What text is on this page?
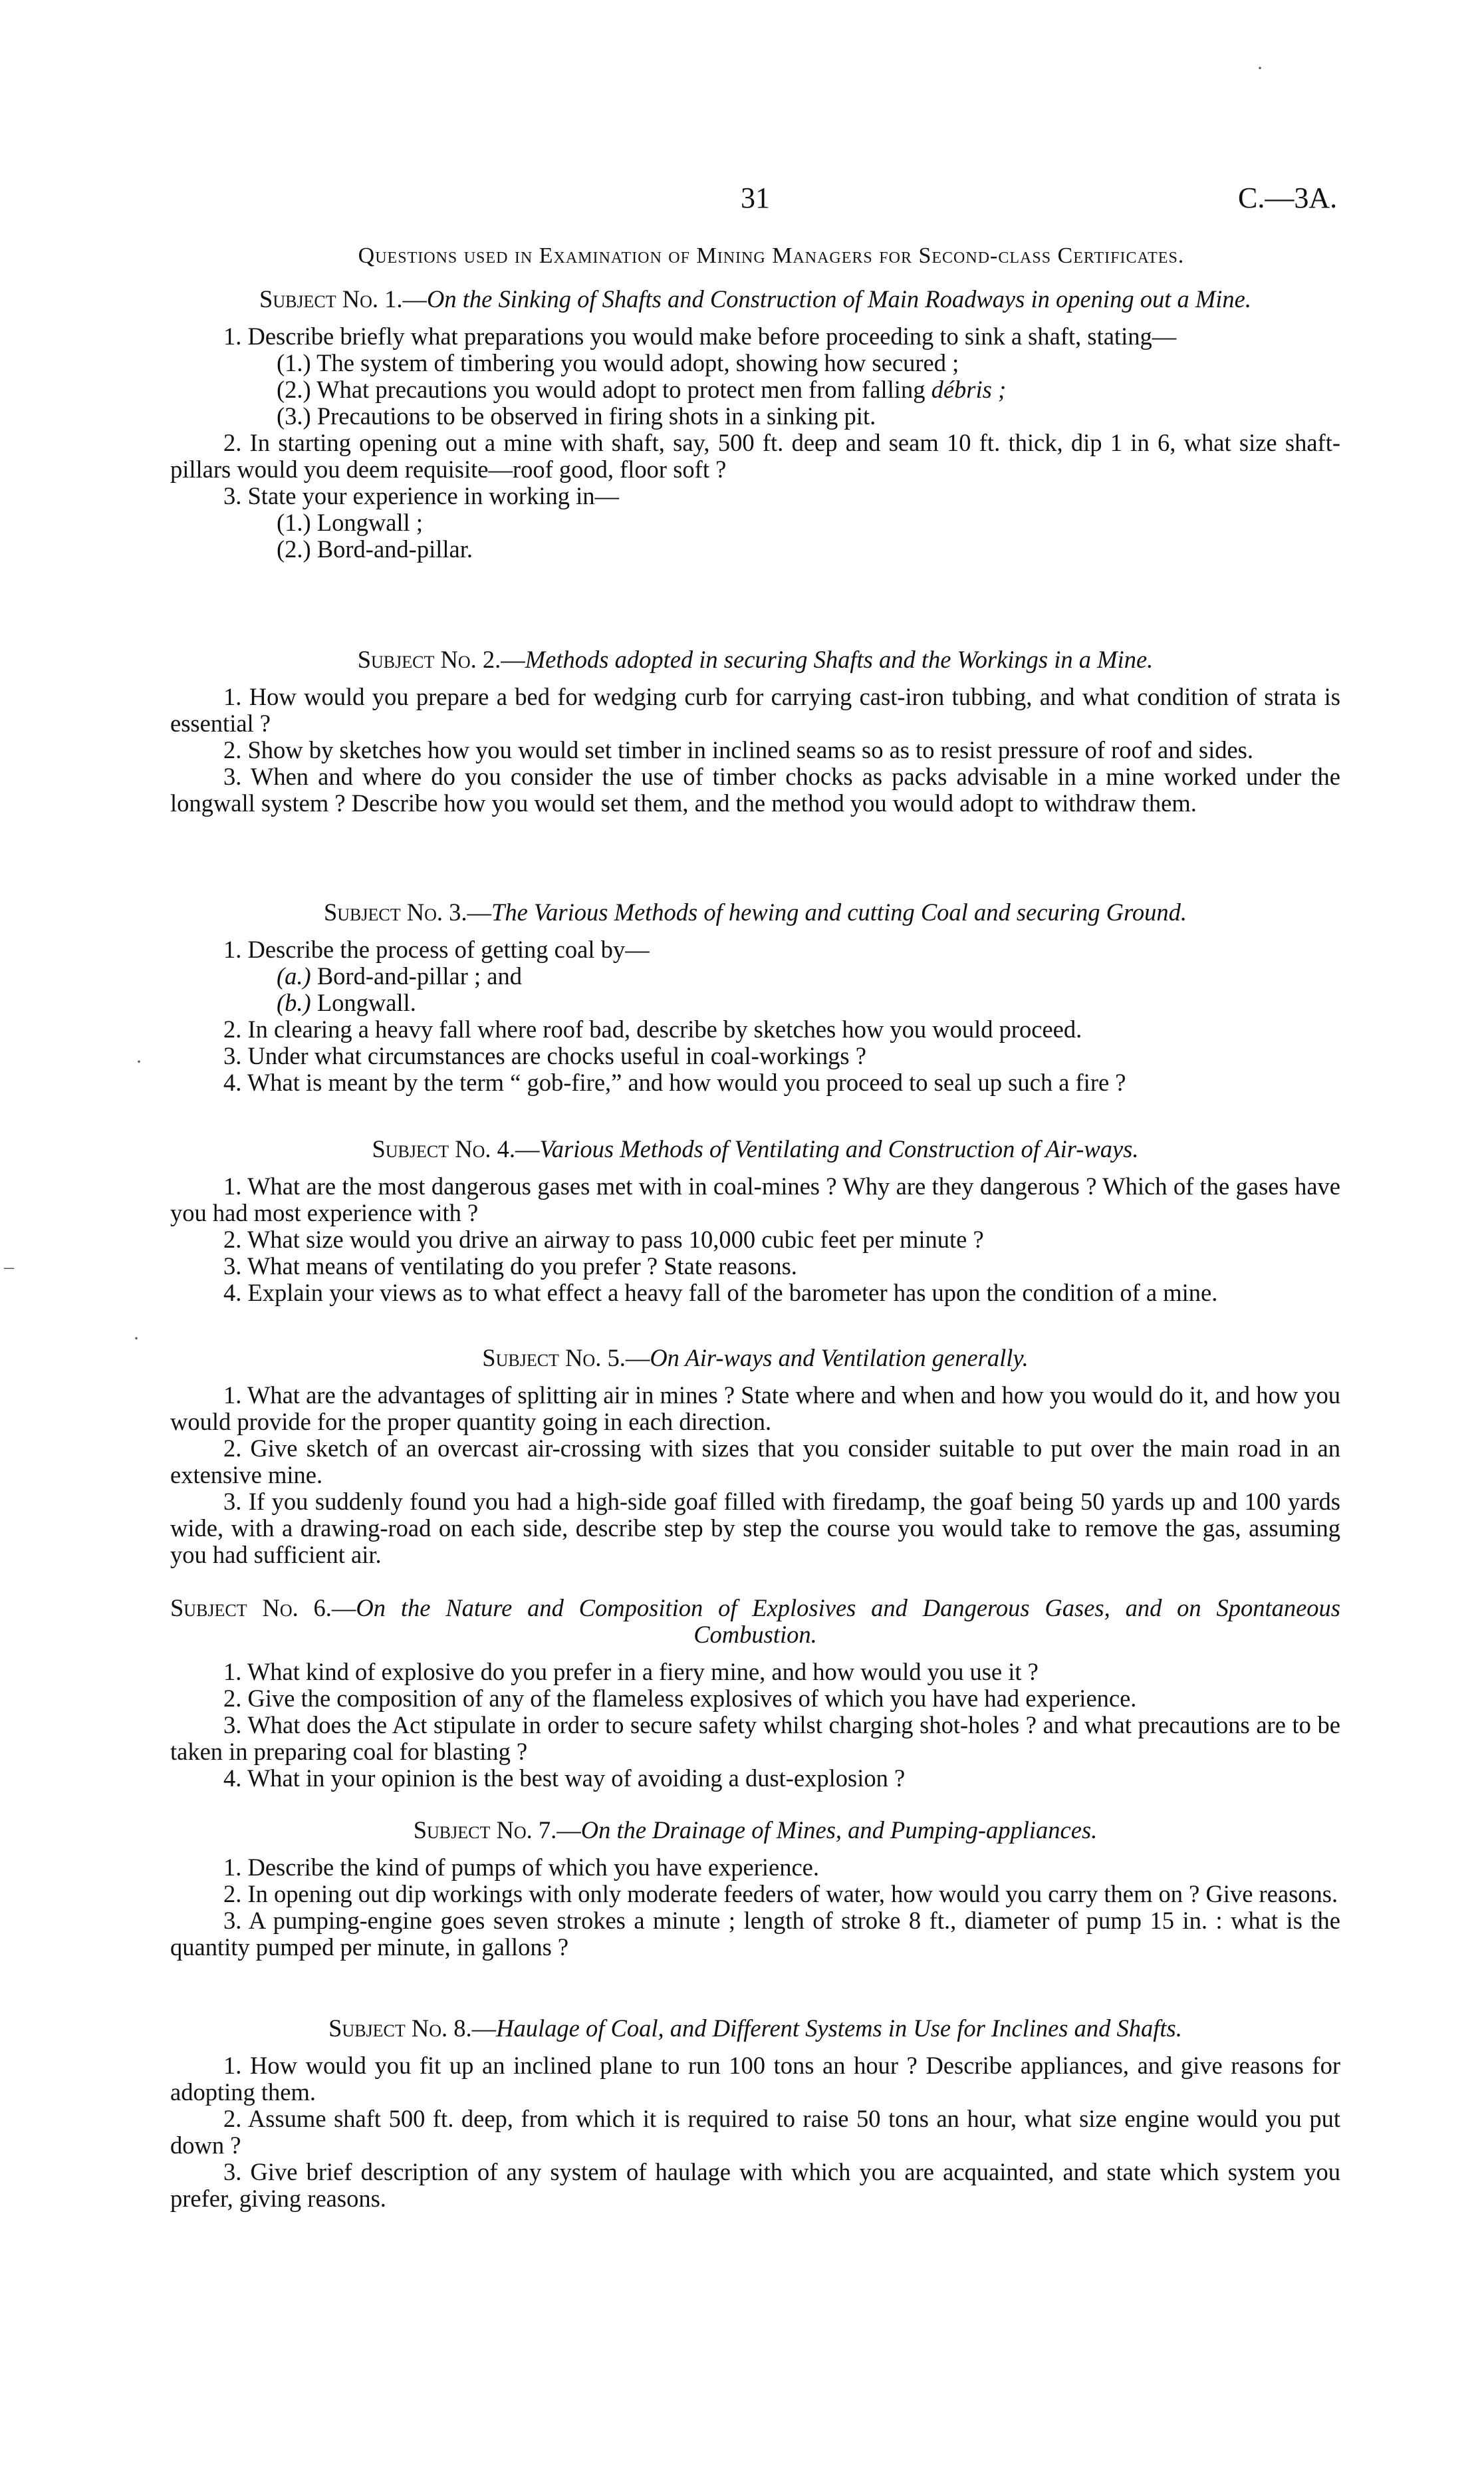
31	C.—3A.
Questions used in Examination of Mining Managers for Second-class Certificates.

Subject No. 1.—On the Sinking of Shafts and Construction of Main Roadways in opening out a Mine.

1. Describe briefly what preparations you would make before proceeding to sink a shaft, stating—

(1.) The system of timbering you would adopt, showing how secured ;

(2.) What precautions you would adopt to protect men from falling débris ;

(3.) Precautions to be observed in firing shots in a sinking pit.

2. In starting opening out a mine with shaft, say, 500 ft. deep and seam 10 ft. thick, dip 1 in 6, what size shaft-pillars would you deem requisite—roof good, floor soft ?

3. State your experience in working in—

(1.) Longwall ;

(2.) Bord-and-pillar.

Subject No. 2.—Methods adopted in securing Shafts and the Workings in a Mine.

1. How would you prepare a bed for wedging curb for carrying cast-iron tubbing, and what condition of strata is essential ?

2. Show by sketches how you would set timber in inclined seams so as to resist pressure of roof and sides.

3. When and where do you consider the use of timber chocks as packs advisable in a mine worked under the longwall system ? Describe how you would set them, and the method you would adopt to withdraw them.

Subject No. 3.—The Various Methods of hewing and cutting Coal and securing Ground.

1. Describe the process of getting coal by—

(a.) Bord-and-pillar ; and

(b.) Longwall.

2. In clearing a heavy fall where roof bad, describe by sketches how you would proceed.

3. Under what circumstances are chocks useful in coal-workings ?

4. What is meant by the term “ gob-fire,” and how would you proceed to seal up such a fire ?

Subject No. 4.—Various Methods of Ventilating and Construction of Air-ways.

1. What are the most dangerous gases met with in coal-mines ? Why are they dangerous ? Which of the gases have you had most experience with ?

2. What size would you drive an airway to pass 10,000 cubic feet per minute ?

3. What means of ventilating do you prefer ? State reasons.

4. Explain your views as to what effect a heavy fall of the barometer has upon the condition of a mine.

Subject No. 5.—On Air-ways and Ventilation generally.

1. What are the advantages of splitting air in mines ? State where and when and how you would do it, and how you would provide for the proper quantity going in each direction.

2. Give sketch of an overcast air-crossing with sizes that you consider suitable to put over the main road in an extensive mine.

3. If you suddenly found you had a high-side goaf filled with firedamp, the goaf being 50 yards up and 100 yards wide, with a drawing-road on each side, describe step by step the course you would take to remove the gas, assuming you had sufficient air.

Subject No. 6.—On the Nature and Composition of Explosives and Dangerous Gases, and on Spontaneous Combustion.

1. What kind of explosive do you prefer in a fiery mine, and how would you use it ?

2. Give the composition of any of the flameless explosives of which you have had experience.

3. What does the Act stipulate in order to secure safety whilst charging shot-holes ? and what precautions are to be taken in preparing coal for blasting ?

4. What in your opinion is the best way of avoiding a dust-explosion ?

Subject No. 7.—On the Drainage of Mines, and Pumping-appliances.

1. Describe the kind of pumps of which you have experience.

2. In opening out dip workings with only moderate feeders of water, how would you carry them on ? Give reasons.

3. A pumping-engine goes seven strokes a minute ; length of stroke 8 ft., diameter of pump 15 in. : what is the quantity pumped per minute, in gallons ?

Subject No. 8.—Haulage of Coal, and Different Systems in Use for Inclines and Shafts.

1. How would you fit up an inclined plane to run 100 tons an hour ? Describe appliances, and give reasons for adopting them.

2. Assume shaft 500 ft. deep, from which it is required to raise 50 tons an hour, what size engine would you put down ?

3. Give brief description of any system of haulage with which you are acquainted, and state which system you prefer, giving reasons.

·
–
·
·
